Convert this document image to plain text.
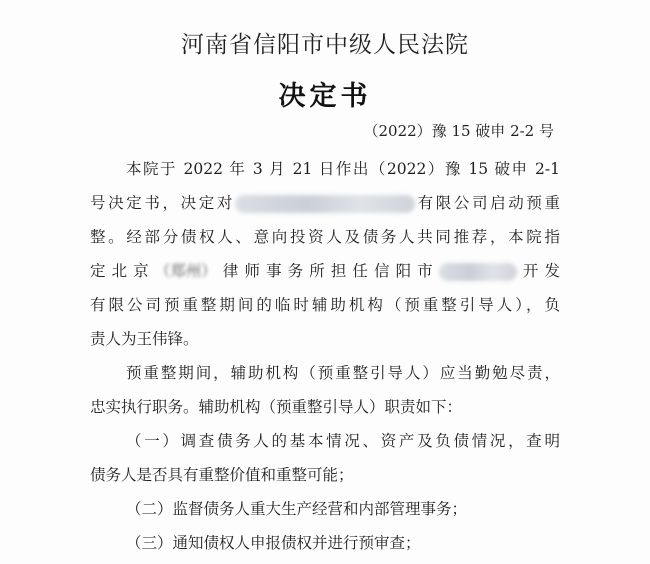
河南省信阳市中级人民法院
决定书
（2022）豫 15 破申 2-2 号
本院于 2022 年 3 月 21 日作出（2022）豫 15 破申 2-1
号决定书，决定对	有限公司启动预重
整。经部分债权人、意向投资人及债务人共同推荐，本院指
定北京（郑州）律师事务所担任信阳市	开发
有限公司预重整期间的临时辅助机构（预重整引导人），负
责人为王伟锋。
预重整期间，辅助机构（预重整引导人）应当勤勉尽责，
忠实执行职务。辅助机构（预重整引导人）职责如下：
（一）调查债务人的基本情况、资产及负债情况，查明
债务人是否具有重整价值和重整可能；
（二）监督债务人重大生产经营和内部管理事务；
（三）通知债权人申报债权并进行预审查；
